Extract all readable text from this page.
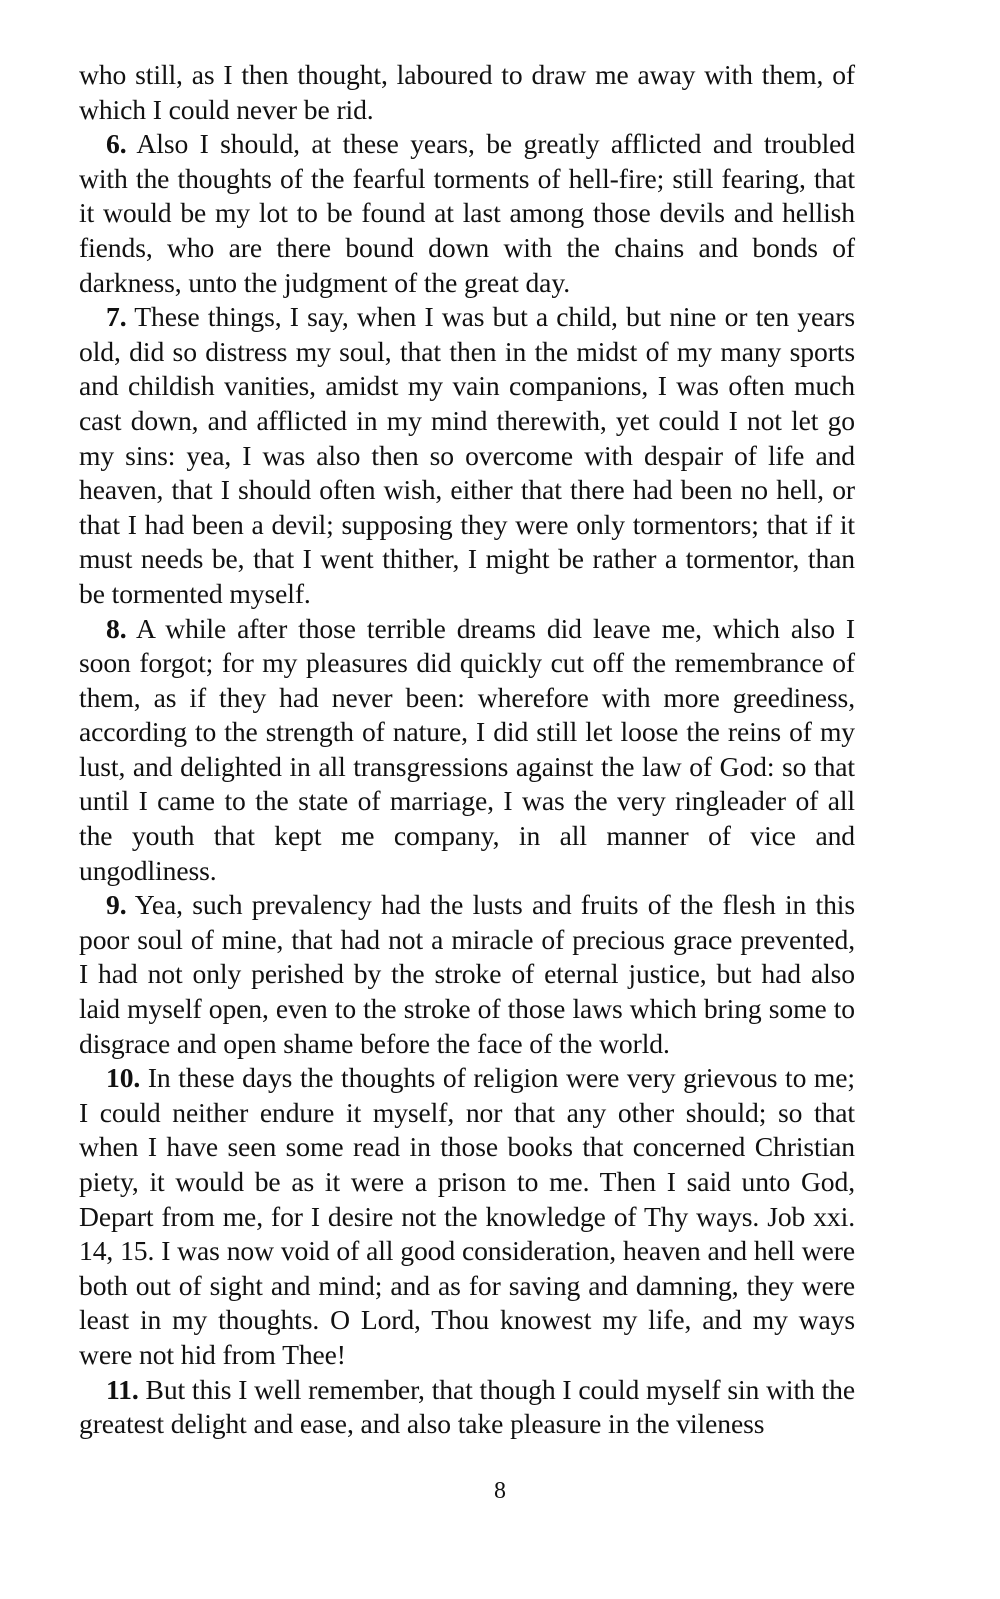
who still, as I then thought, laboured to draw me away with them, of which I could never be rid.

6. Also I should, at these years, be greatly afflicted and troubled with the thoughts of the fearful torments of hell-fire; still fearing, that it would be my lot to be found at last among those devils and hellish fiends, who are there bound down with the chains and bonds of darkness, unto the judgment of the great day.

7. These things, I say, when I was but a child, but nine or ten years old, did so distress my soul, that then in the midst of my many sports and childish vanities, amidst my vain companions, I was often much cast down, and afflicted in my mind therewith, yet could I not let go my sins: yea, I was also then so overcome with despair of life and heaven, that I should often wish, either that there had been no hell, or that I had been a devil; supposing they were only tormentors; that if it must needs be, that I went thither, I might be rather a tormentor, than be tormented myself.

8. A while after those terrible dreams did leave me, which also I soon forgot; for my pleasures did quickly cut off the remembrance of them, as if they had never been: wherefore with more greediness, according to the strength of nature, I did still let loose the reins of my lust, and delighted in all transgressions against the law of God: so that until I came to the state of marriage, I was the very ringleader of all the youth that kept me company, in all manner of vice and ungodliness.

9. Yea, such prevalency had the lusts and fruits of the flesh in this poor soul of mine, that had not a miracle of precious grace prevented, I had not only perished by the stroke of eternal justice, but had also laid myself open, even to the stroke of those laws which bring some to disgrace and open shame before the face of the world.

10. In these days the thoughts of religion were very grievous to me; I could neither endure it myself, nor that any other should; so that when I have seen some read in those books that concerned Christian piety, it would be as it were a prison to me. Then I said unto God, Depart from me, for I desire not the knowledge of Thy ways. Job xxi. 14, 15. I was now void of all good consideration, heaven and hell were both out of sight and mind; and as for saving and damning, they were least in my thoughts. O Lord, Thou knowest my life, and my ways were not hid from Thee!

11. But this I well remember, that though I could myself sin with the greatest delight and ease, and also take pleasure in the vileness

8
